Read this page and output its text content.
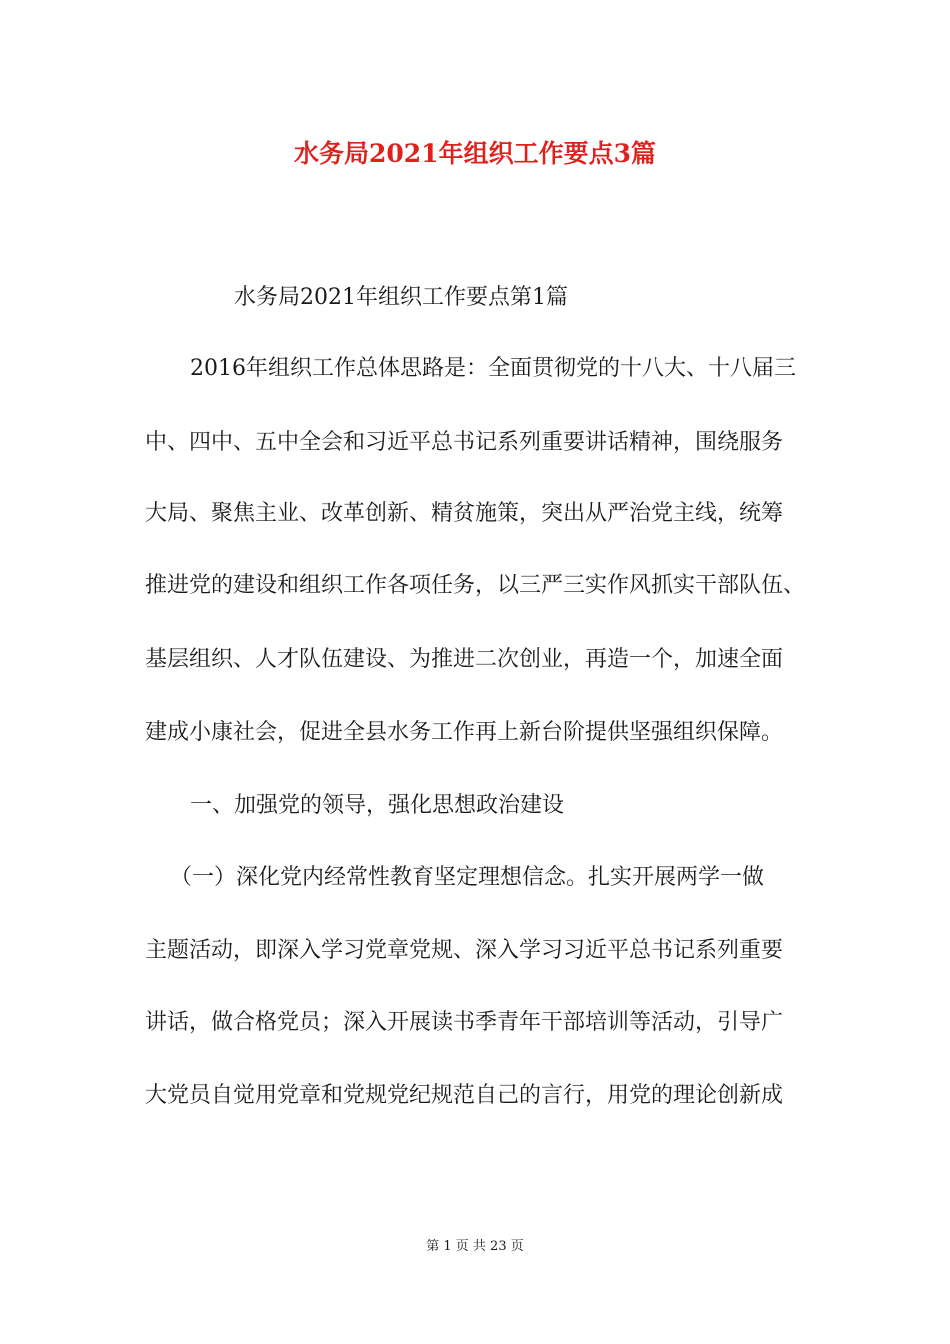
水务局2021年组织工作要点3篇

水务局2021年组织工作要点第1篇

2016年组织工作总体思路是：全面贯彻党的十八大、十八届三

中、四中、五中全会和习近平总书记系列重要讲话精神，围绕服务

大局、聚焦主业、改革创新、精贫施策，突出从严治党主线，统筹

推进党的建设和组织工作各项任务，以三严三实作风抓实干部队伍、

基层组织、人才队伍建设、为推进二次创业，再造一个，加速全面

建成小康社会，促进全县水务工作再上新台阶提供坚强组织保障。

一、加强党的领导，强化思想政治建设

（一）深化党内经常性教育坚定理想信念。扎实开展两学一做

主题活动，即深入学习党章党规、深入学习习近平总书记系列重要

讲话，做合格党员；深入开展读书季青年干部培训等活动，引导广

大党员自觉用党章和党规党纪规范自己的言行，用党的理论创新成

第 1 页 共 23 页
